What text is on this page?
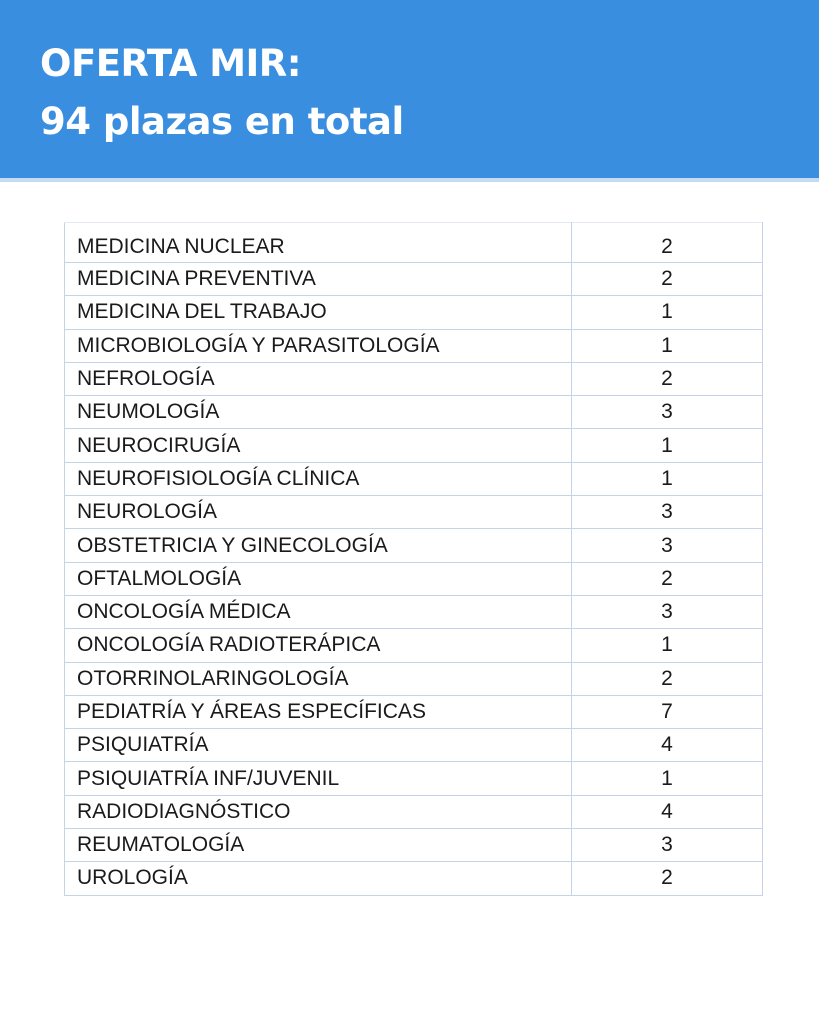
OFERTA MIR:
94 plazas en total
MEDICINA NUCLEAR	2
MEDICINA PREVENTIVA	2
MEDICINA DEL TRABAJO	1
MICROBIOLOGÍA Y PARASITOLOGÍA	1
NEFROLOGÍA	2
NEUMOLOGÍA	3
NEUROCIRUGÍA	1
NEUROFISIOLOGÍA CLÍNICA	1
NEUROLOGÍA	3
OBSTETRICIA Y GINECOLOGÍA	3
OFTALMOLOGÍA	2
ONCOLOGÍA MÉDICA	3
ONCOLOGÍA RADIOTERÁPICA	1
OTORRINOLARINGOLOGÍA	2
PEDIATRÍA Y ÁREAS ESPECÍFICAS	7
PSIQUIATRÍA	4
PSIQUIATRÍA INF/JUVENIL	1
RADIODIAGNÓSTICO	4
REUMATOLOGÍA	3
UROLOGÍA	2
